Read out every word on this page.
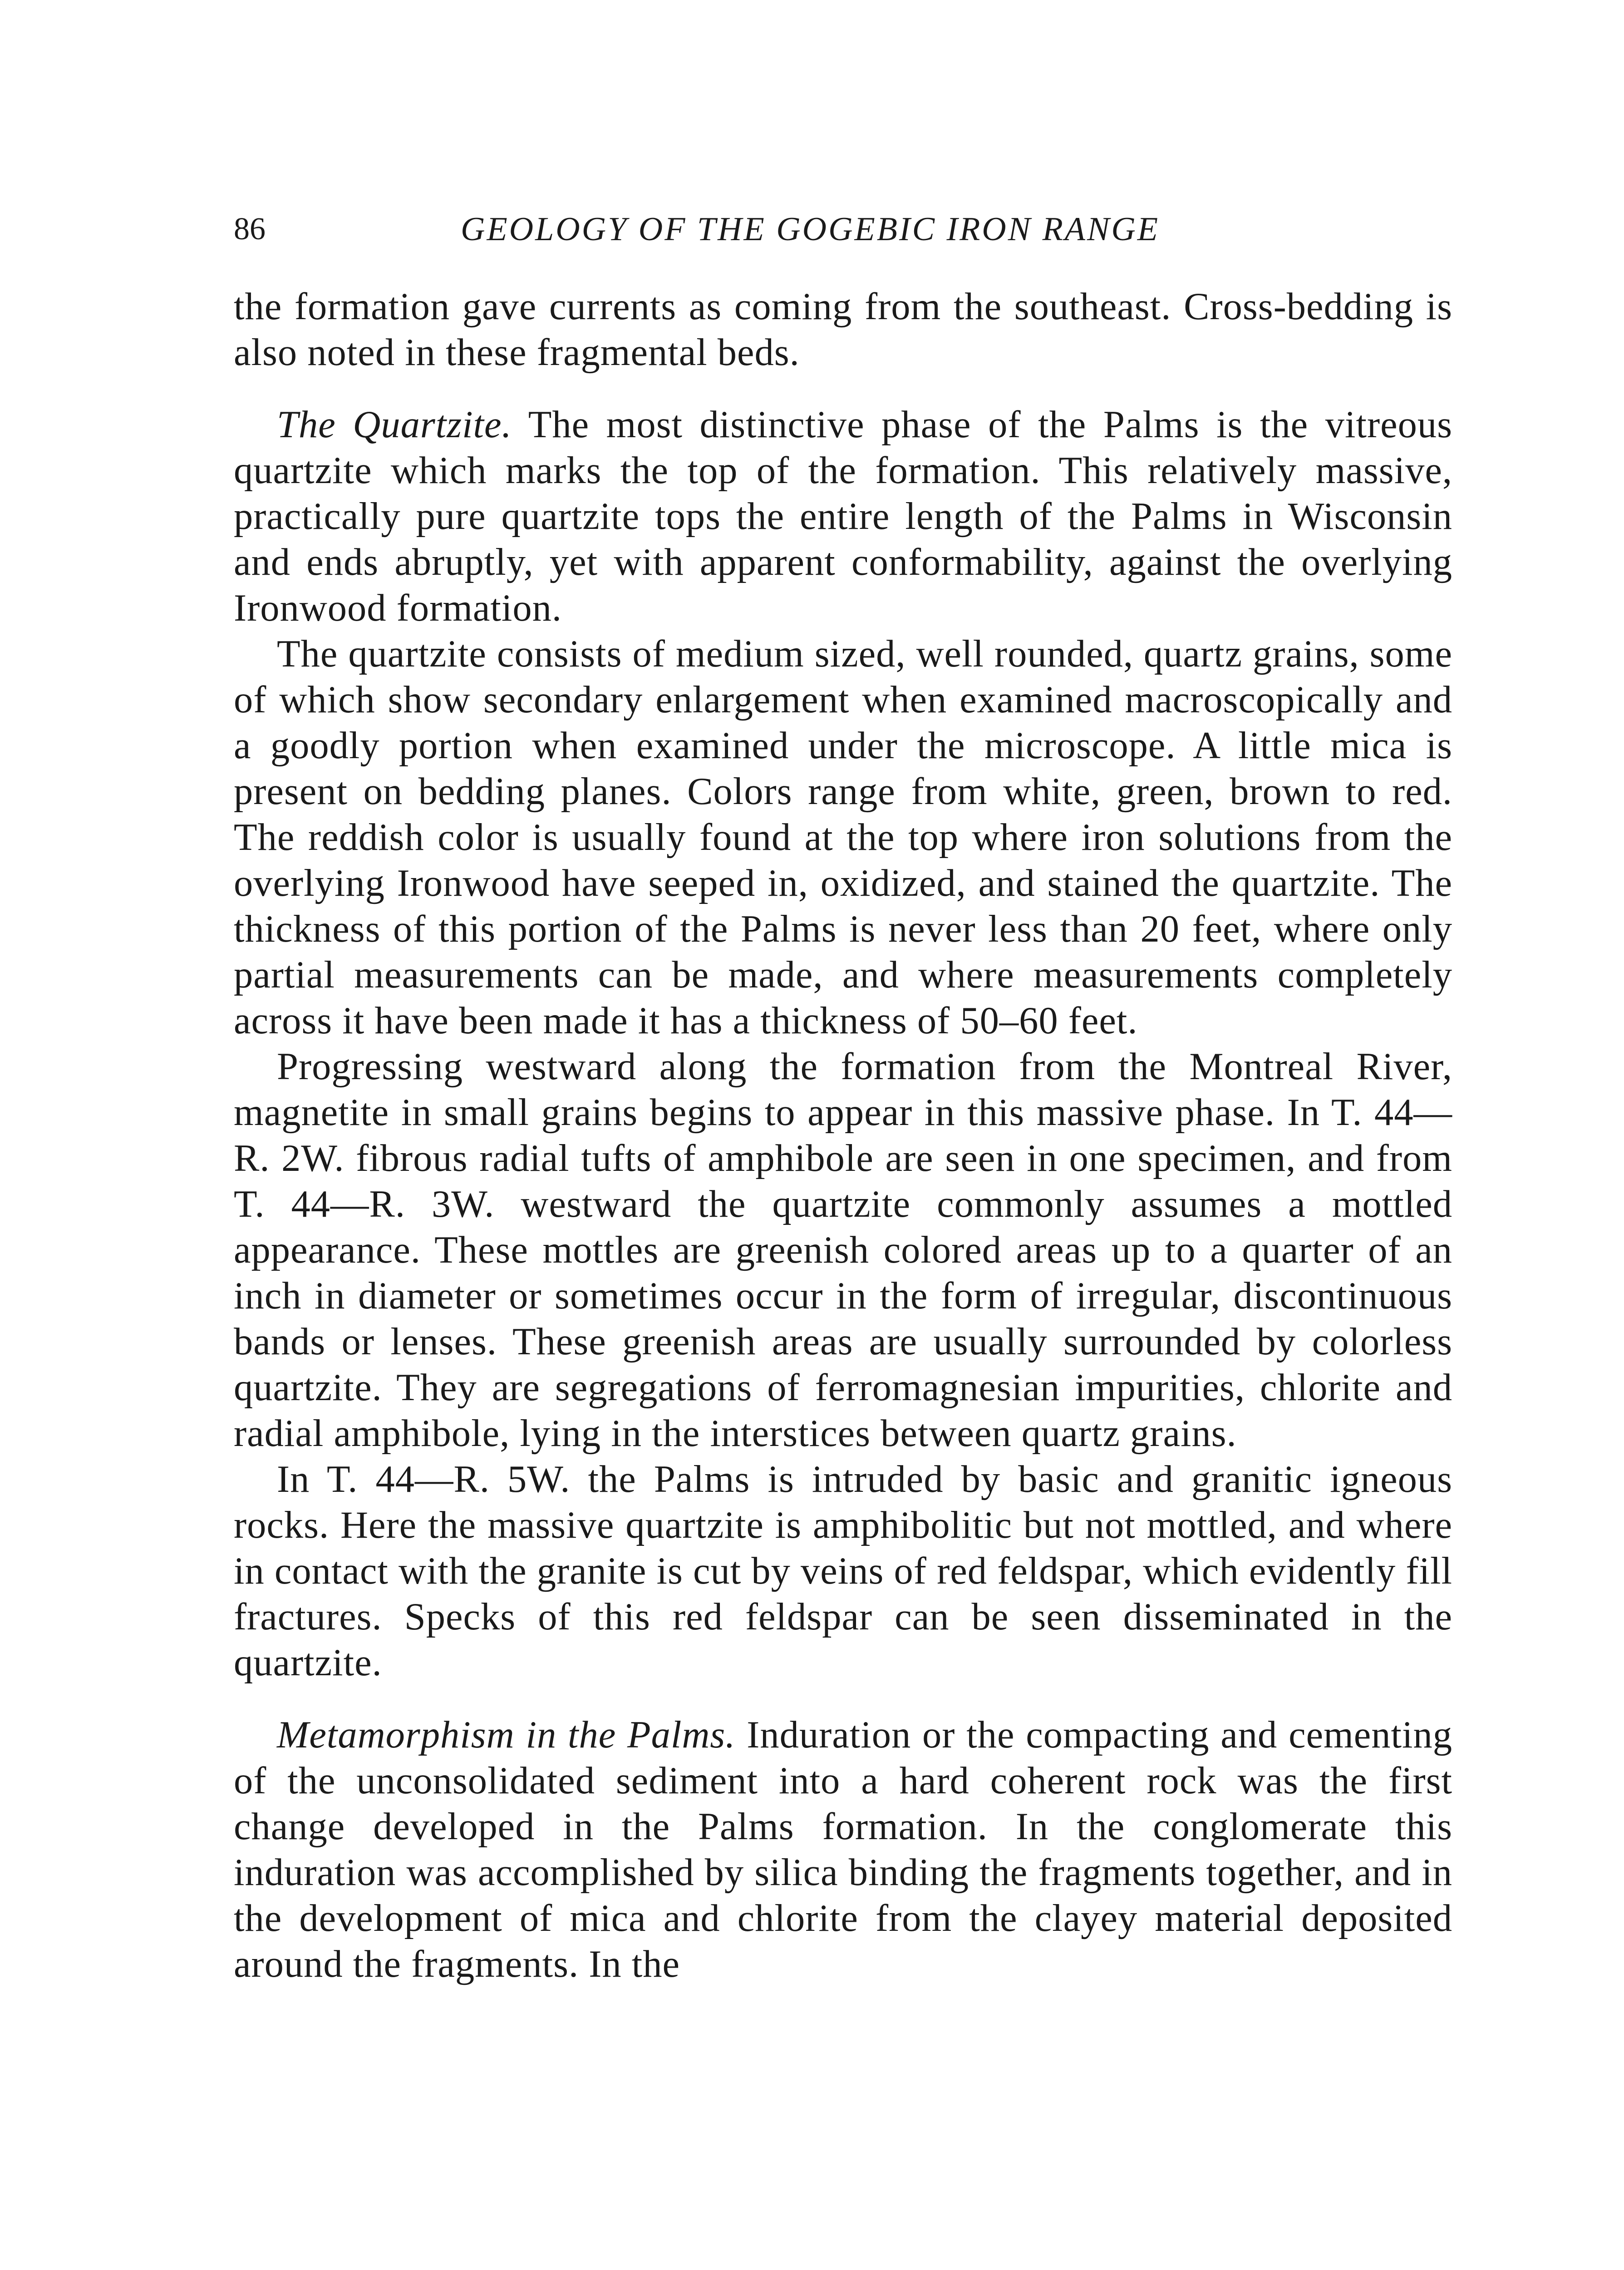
86	GEOLOGY OF THE GOGEBIC IRON RANGE

the formation gave currents as coming from the southeast. Cross-bedding is also noted in these fragmental beds.

The Quartzite. The most distinctive phase of the Palms is the vitreous quartzite which marks the top of the formation. This relatively massive, practically pure quartzite tops the entire length of the Palms in Wisconsin and ends abruptly, yet with apparent conformability, against the overlying Ironwood formation.

The quartzite consists of medium sized, well rounded, quartz grains, some of which show secondary enlargement when examined macroscopically and a goodly portion when examined under the microscope. A little mica is present on bedding planes. Colors range from white, green, brown to red. The reddish color is usually found at the top where iron solutions from the overlying Ironwood have seeped in, oxidized, and stained the quartzite. The thickness of this portion of the Palms is never less than 20 feet, where only partial measurements can be made, and where measurements completely across it have been made it has a thickness of 50–60 feet.

Progressing westward along the formation from the Montreal River, magnetite in small grains begins to appear in this massive phase. In T. 44—R. 2W. fibrous radial tufts of amphibole are seen in one specimen, and from T. 44—R. 3W. westward the quartzite commonly assumes a mottled appearance. These mottles are greenish colored areas up to a quarter of an inch in diameter or sometimes occur in the form of irregular, discontinuous bands or lenses. These greenish areas are usually surrounded by colorless quartzite. They are segregations of ferromagnesian impurities, chlorite and radial amphibole, lying in the interstices between quartz grains.

In T. 44—R. 5W. the Palms is intruded by basic and granitic igneous rocks. Here the massive quartzite is amphibolitic but not mottled, and where in contact with the granite is cut by veins of red feldspar, which evidently fill fractures. Specks of this red feldspar can be seen disseminated in the quartzite.

Metamorphism in the Palms. Induration or the compacting and cementing of the unconsolidated sediment into a hard coherent rock was the first change developed in the Palms formation. In the conglomerate this induration was accomplished by silica binding the fragments together, and in the development of mica and chlorite from the clayey material deposited around the fragments. In the
